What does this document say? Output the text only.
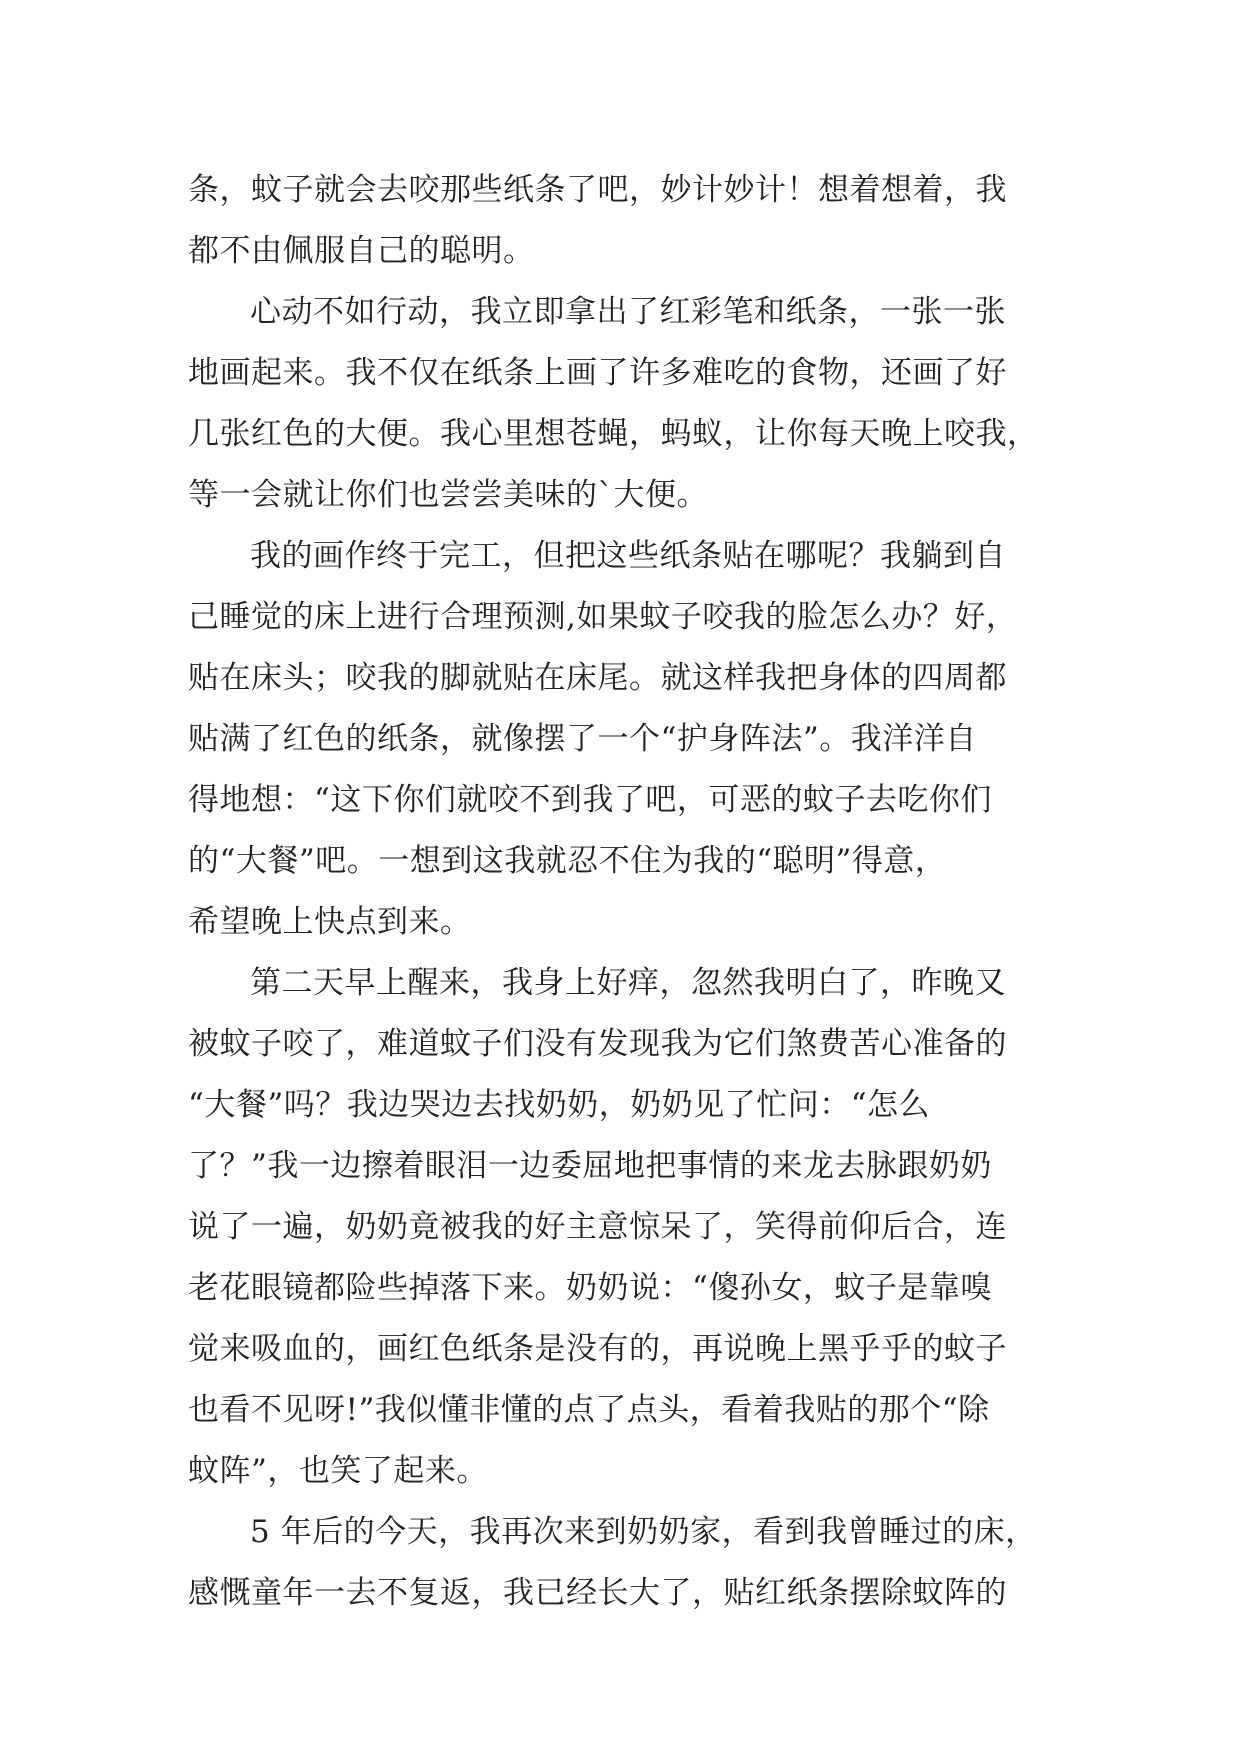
条，蚊子就会去咬那些纸条了吧，妙计妙计！想着想着，我
都不由佩服自己的聪明。
心动不如行动，我立即拿出了红彩笔和纸条，一张一张
地画起来。我不仅在纸条上画了许多难吃的食物，还画了好
几张红色的大便。我心里想苍蝇，蚂蚁，让你每天晚上咬我，
等一会就让你们也尝尝美味的`大便。
我的画作终于完工，但把这些纸条贴在哪呢？我躺到自
己睡觉的床上进行合理预测,如果蚊子咬我的脸怎么办？好，
贴在床头；咬我的脚就贴在床尾。就这样我把身体的四周都
贴满了红色的纸条，就像摆了一个“护身阵法”。我洋洋自
得地想：“这下你们就咬不到我了吧，可恶的蚊子去吃你们
的“大餐”吧。一想到这我就忍不住为我的“聪明”得意，
希望晚上快点到来。
第二天早上醒来，我身上好痒，忽然我明白了，昨晚又
被蚊子咬了，难道蚊子们没有发现我为它们煞费苦心准备的
“大餐”吗？我边哭边去找奶奶，奶奶见了忙问：“怎么
了？”我一边擦着眼泪一边委屈地把事情的来龙去脉跟奶奶
说了一遍，奶奶竟被我的好主意惊呆了，笑得前仰后合，连
老花眼镜都险些掉落下来。奶奶说：“傻孙女，蚊子是靠嗅
觉来吸血的，画红色纸条是没有的，再说晚上黑乎乎的蚊子
也看不见呀!”我似懂非懂的点了点头，看着我贴的那个“除
蚊阵”，也笑了起来。
5 年后的今天，我再次来到奶奶家，看到我曾睡过的床，
感慨童年一去不复返，我已经长大了，贴红纸条摆除蚊阵的
